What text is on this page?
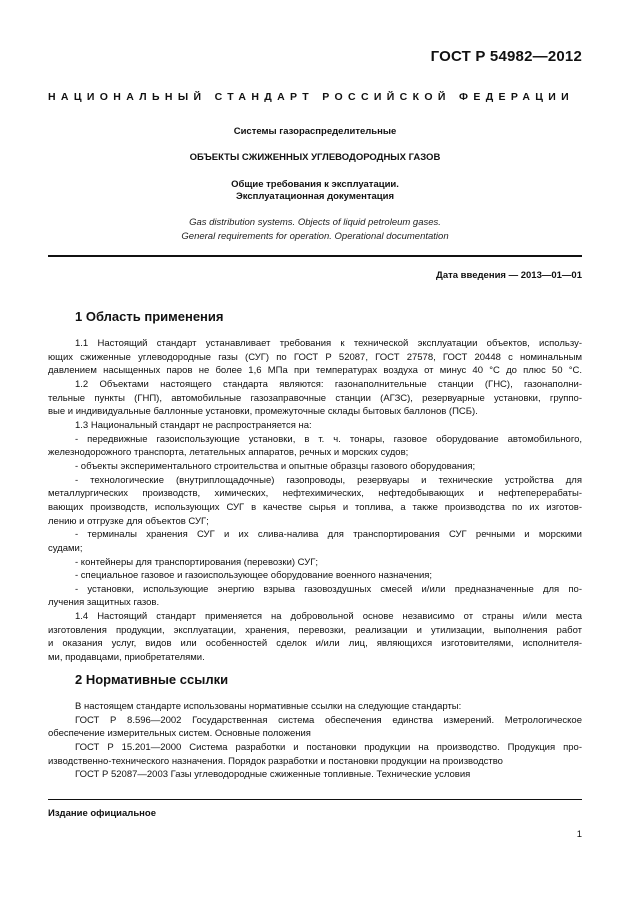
ГОСТ Р 54982—2012
НАЦИОНАЛЬНЫЙ СТАНДАРТ РОССИЙСКОЙ ФЕДЕРАЦИИ
Системы газораспределительные
ОБЪЕКТЫ СЖИЖЕННЫХ УГЛЕВОДОРОДНЫХ ГАЗОВ
Общие требования к эксплуатации.
Эксплуатационная документация
Gas distribution systems. Objects of liquid petroleum gases.
General requirements for operation. Operational documentation
Дата введения — 2013—01—01
1 Область применения
1.1 Настоящий стандарт устанавливает требования к технической эксплуатации объектов, использу-
ющих сжиженные углеводородные газы (СУГ) по ГОСТ Р 52087, ГОСТ 27578, ГОСТ 20448 с номинальным
давлением насыщенных паров не более 1,6 МПа при температурах воздуха от минус 40 °С до плюс 50 °С.
1.2 Объектами настоящего стандарта являются: газонаполнительные станции (ГНС), газонаполни-
тельные пункты (ГНП), автомобильные газозаправочные станции (АГЗС), резервуарные установки, группо-
вые и индивидуальные баллонные установки, промежуточные склады бытовых баллонов (ПСБ).
1.3 Национальный стандарт не распространяется на:
- передвижные газоиспользующие установки, в т. ч. тонары, газовое оборудование автомобильного,
железнодорожного транспорта, летательных аппаратов, речных и морских судов;
- объекты экспериментального строительства и опытные образцы газового оборудования;
- технологические (внутриплощадочные) газопроводы, резервуары и технические устройства для
металлургических производств, химических, нефтехимических, нефтедобывающих и нефтеперерабаты-
вающих производств, использующих СУГ в качестве сырья и топлива, а также производства по их изготов-
лению и отгрузке для объектов СУГ;
- терминалы хранения СУГ и их слива-налива для транспортирования СУГ речными и морскими
судами;
- контейнеры для транспортирования (перевозки) СУГ;
- специальное газовое и газоиспользующее оборудование военного назначения;
- установки, использующие энергию взрыва газовоздушных смесей и/или предназначенные для по-
лучения защитных газов.
1.4 Настоящий стандарт применяется на добровольной основе независимо от страны и/или места
изготовления продукции, эксплуатации, хранения, перевозки, реализации и утилизации, выполнения работ
и оказания услуг, видов или особенностей сделок и/или лиц, являющихся изготовителями, исполнителя-
ми, продавцами, приобретателями.
2 Нормативные ссылки
В настоящем стандарте использованы нормативные ссылки на следующие стандарты:
ГОСТ Р 8.596—2002 Государственная система обеспечения единства измерений. Метрологическое
обеспечение измерительных систем. Основные положения
ГОСТ Р 15.201—2000 Система разработки и постановки продукции на производство. Продукция про-
изводственно-технического назначения. Порядок разработки и постановки продукции на производство
ГОСТ Р 52087—2003 Газы углеводородные сжиженные топливные. Технические условия
Издание официальное
1
